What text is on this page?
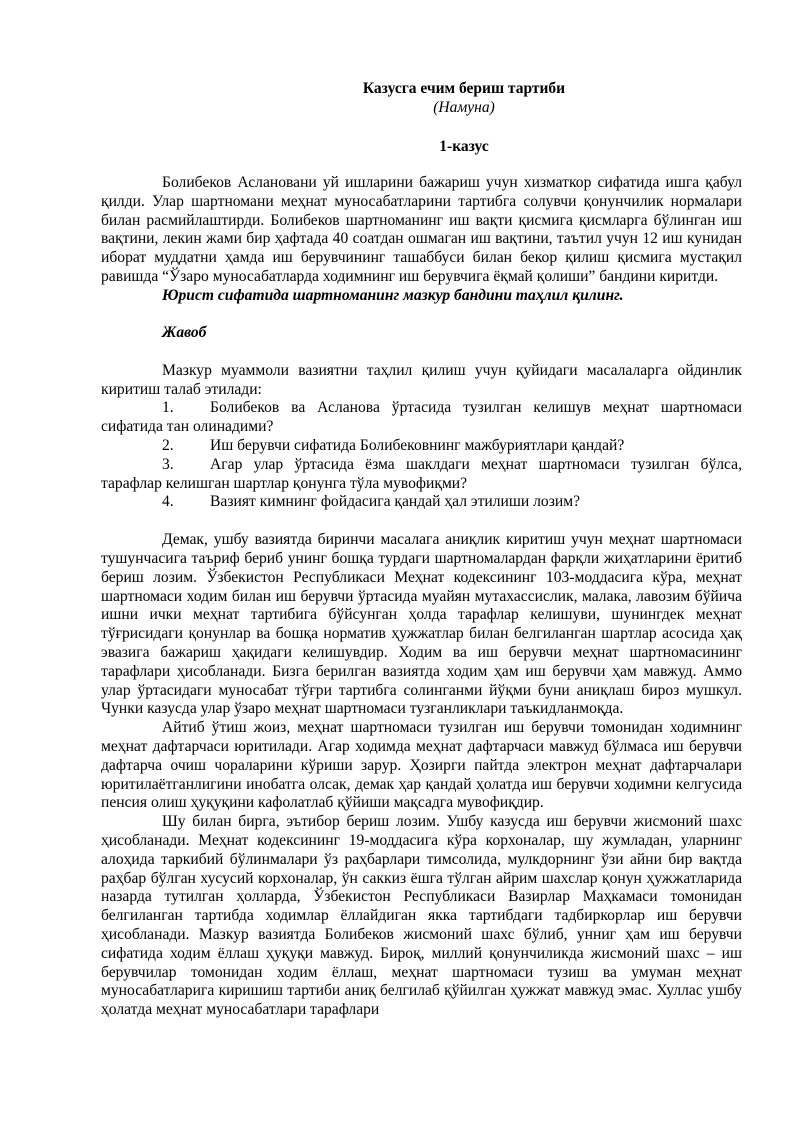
Казусга ечим бериш тартиби
(Намуна)
1-казус

Болибеков Аслановани уй ишларини бажариш учун хизматкор сифатида ишга қабул қилди. Улар шартномани меҳнат муносабатларини тартибга солувчи қонунчилик нормалари билан расмийлаштирди. Болибеков шартноманинг иш вақти қисмига қисмларга бўлинган иш вақтини, лекин жами бир ҳафтада 40 соатдан ошмаган иш вақтини, таътил учун 12 иш кунидан иборат муддатни ҳамда иш берувчининг ташаббуси билан бекор қилиш қисмига мустақил равишда “Ўзаро муносабатларда ходимнинг иш берувчига ёқмай қолиши” бандини киритди.

Юрист сифатида шартноманинг мазкур бандини таҳлил қилинг.

Жавоб

Мазкур муаммоли вазиятни таҳлил қилиш учун қуйидаги масалаларга ойдинлик киритиш талаб этилади:

1. Болибеков ва Асланова ўртасида тузилган келишув меҳнат шартномаси сифатида тан олинадими?
2. Иш берувчи сифатида Болибековнинг мажбуриятлари қандай?
3. Агар улар ўртасида ёзма шаклдаги меҳнат шартномаси тузилган бўлса, тарафлар келишган шартлар қонунга тўла мувофиқми?
4. Вазият кимнинг фойдасига қандай ҳал этилиши лозим?

Демак, ушбу вазиятда биринчи масалага аниқлик киритиш учун меҳнат шартномаси тушунчасига таъриф бериб унинг бошқа турдаги шартномалардан фарқли жиҳатларини ёритиб бериш лозим. Ўзбекистон Республикаси Меҳнат кодексининг 103-моддасига кўра, меҳнат шартномаси ходим билан иш берувчи ўртасида муайян мутахассислик, малака, лавозим бўйича ишни ички меҳнат тартибига бўйсунган ҳолда тарафлар келишуви, шунингдек меҳнат тўғрисидаги қонунлар ва бошқа норматив ҳужжатлар билан белгиланган шартлар асосида ҳақ эвазига бажариш ҳақидаги келишувдир. Ходим ва иш берувчи меҳнат шартномасининг тарафлари ҳисобланади. Бизга берилган вазиятда ходим ҳам иш берувчи ҳам мавжуд. Аммо улар ўртасидаги муносабат тўғри тартибга солинганми йўқми буни аниқлаш бироз мушкул. Чунки казусда улар ўзаро меҳнат шартномаси тузганликлари таъкидланмоқда.

Айтиб ўтиш жоиз, меҳнат шартномаси тузилган иш берувчи томонидан ходимнинг меҳнат дафтарчаси юритилади. Агар ходимда меҳнат дафтарчаси мавжуд бўлмаса иш берувчи дафтарча очиш чораларини кўриши зарур. Ҳозирги пайтда электрон меҳнат дафтарчалари юритилаётганлигини инобатга олсак, демак ҳар қандай ҳолатда иш берувчи ходимни келгусида пенсия олиш ҳуқуқини кафолатлаб қўйиши мақсадга мувофиқдир.

Шу билан бирга, эътибор бериш лозим. Ушбу казусда иш берувчи жисмоний шахс ҳисобланади. Меҳнат кодексининг 19-моддасига кўра корхоналар, шу жумладан, уларнинг алоҳида таркибий бўлинмалари ўз раҳбарлари тимсолида, мулкдорнинг ўзи айни бир вақтда раҳбар бўлган хусусий корхоналар, ўн саккиз ёшга тўлган айрим шахслар қонун ҳужжатларида назарда тутилган ҳолларда, Ўзбекистон Республикаси Вазирлар Маҳкамаси томонидан белгиланган тартибда ходимлар ёллайдиган якка тартибдаги тадбиркорлар иш берувчи ҳисобланади. Мазкур вазиятда Болибеков жисмоний шахс бўлиб, унниг ҳам иш берувчи сифатида ходим ёллаш ҳуқуқи мавжуд. Бироқ, миллий қонунчиликда жисмоний шахс – иш берувчилар томонидан ходим ёллаш, меҳнат шартномаси тузиш ва умуман меҳнат муносабатларига киришиш тартиби аниқ белгилаб қўйилган ҳужжат мавжуд эмас. Хуллас ушбу ҳолатда меҳнат муносабатлари тарафлари
